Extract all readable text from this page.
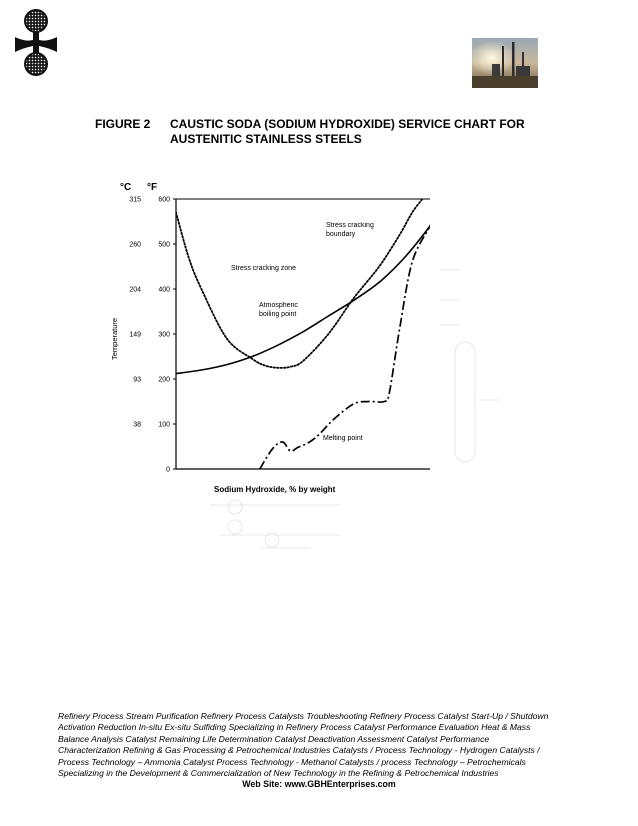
FIGURE 2 CAUSTIC SODA (SODIUM HYDROXIDE) SERVICE CHART FOR AUSTENITIC STAINLESS STEELS
600
500
400
300
200
100
0
315
260
204
149
93
38
°C °F
Temperature
Sodium Hydroxide, % by weight
Stress cracking zone
Stress cracking boundary
Atmospheric boiling point
Melting point
Refinery Process Stream Purification Refinery Process Catalysts Troubleshooting Refinery Process Catalyst Start-Up / Shutdown
Activation Reduction In-situ Ex-situ Sulfiding Specializing in Refinery Process Catalyst Performance Evaluation Heat & Mass
Balance Analysis Catalyst Remaining Life Determination Catalyst Deactivation Assessment Catalyst Performance
Characterization Refining & Gas Processing & Petrochemical Industries Catalysts / Process Technology - Hydrogen Catalysts /
Process Technology – Ammonia Catalyst Process Technology - Methanol Catalysts / process Technology – Petrochemicals
Specializing in the Development & Commercialization of New Technology in the Refining & Petrochemical Industries
Web Site: www.GBHEnterprises.com
